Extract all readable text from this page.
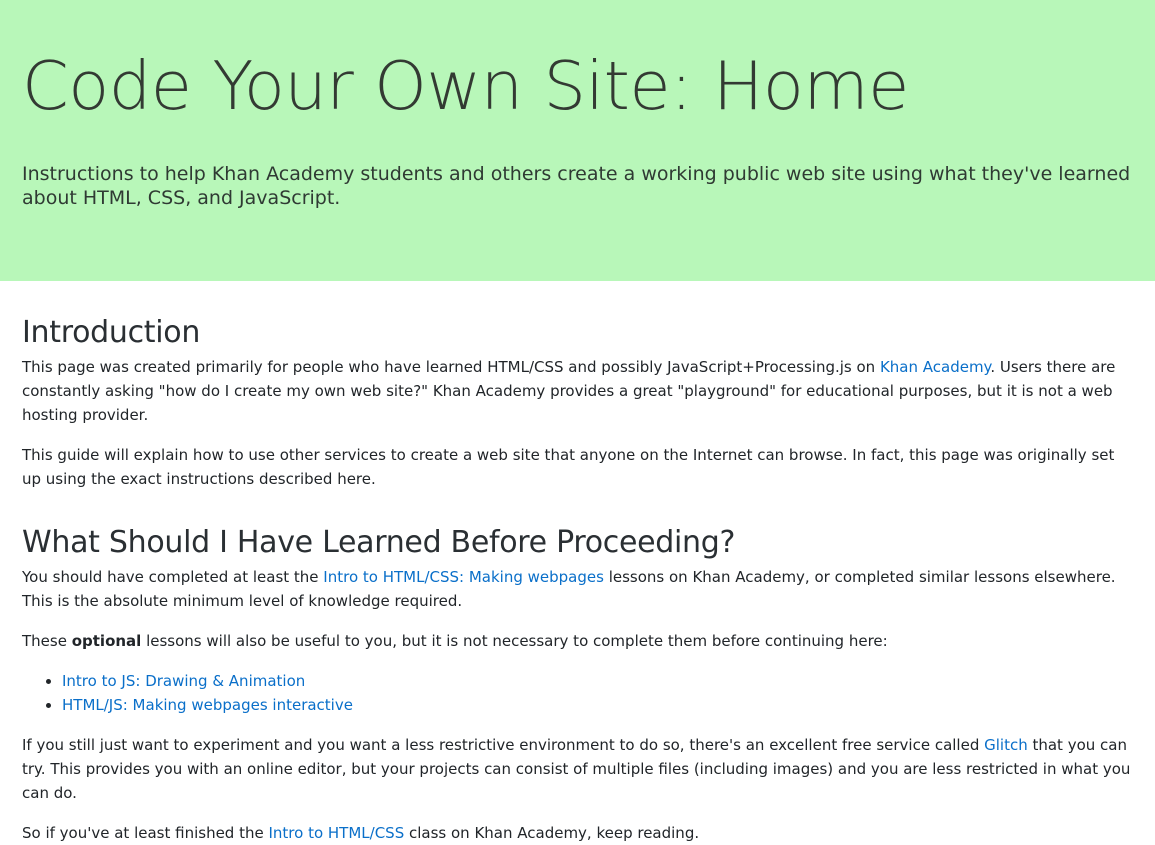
Code Your Own Site: Home

Instructions to help Khan Academy students and others create a working public web site using what they've learned about HTML, CSS, and JavaScript.

Introduction

This page was created primarily for people who have learned HTML/CSS and possibly JavaScript+Processing.js on Khan Academy. Users there are constantly asking "how do I create my own web site?" Khan Academy provides a great "playground" for educational purposes, but it is not a web hosting provider.

This guide will explain how to use other services to create a web site that anyone on the Internet can browse. In fact, this page was originally set up using the exact instructions described here.

What Should I Have Learned Before Proceeding?

You should have completed at least the Intro to HTML/CSS: Making webpages lessons on Khan Academy, or completed similar lessons elsewhere. This is the absolute minimum level of knowledge required.

These optional lessons will also be useful to you, but it is not necessary to complete them before continuing here:

• Intro to JS: Drawing & Animation
• HTML/JS: Making webpages interactive

If you still just want to experiment and you want a less restrictive environment to do so, there's an excellent free service called Glitch that you can try. This provides you with an online editor, but your projects can consist of multiple files (including images) and you are less restricted in what you can do.

So if you've at least finished the Intro to HTML/CSS class on Khan Academy, keep reading.
